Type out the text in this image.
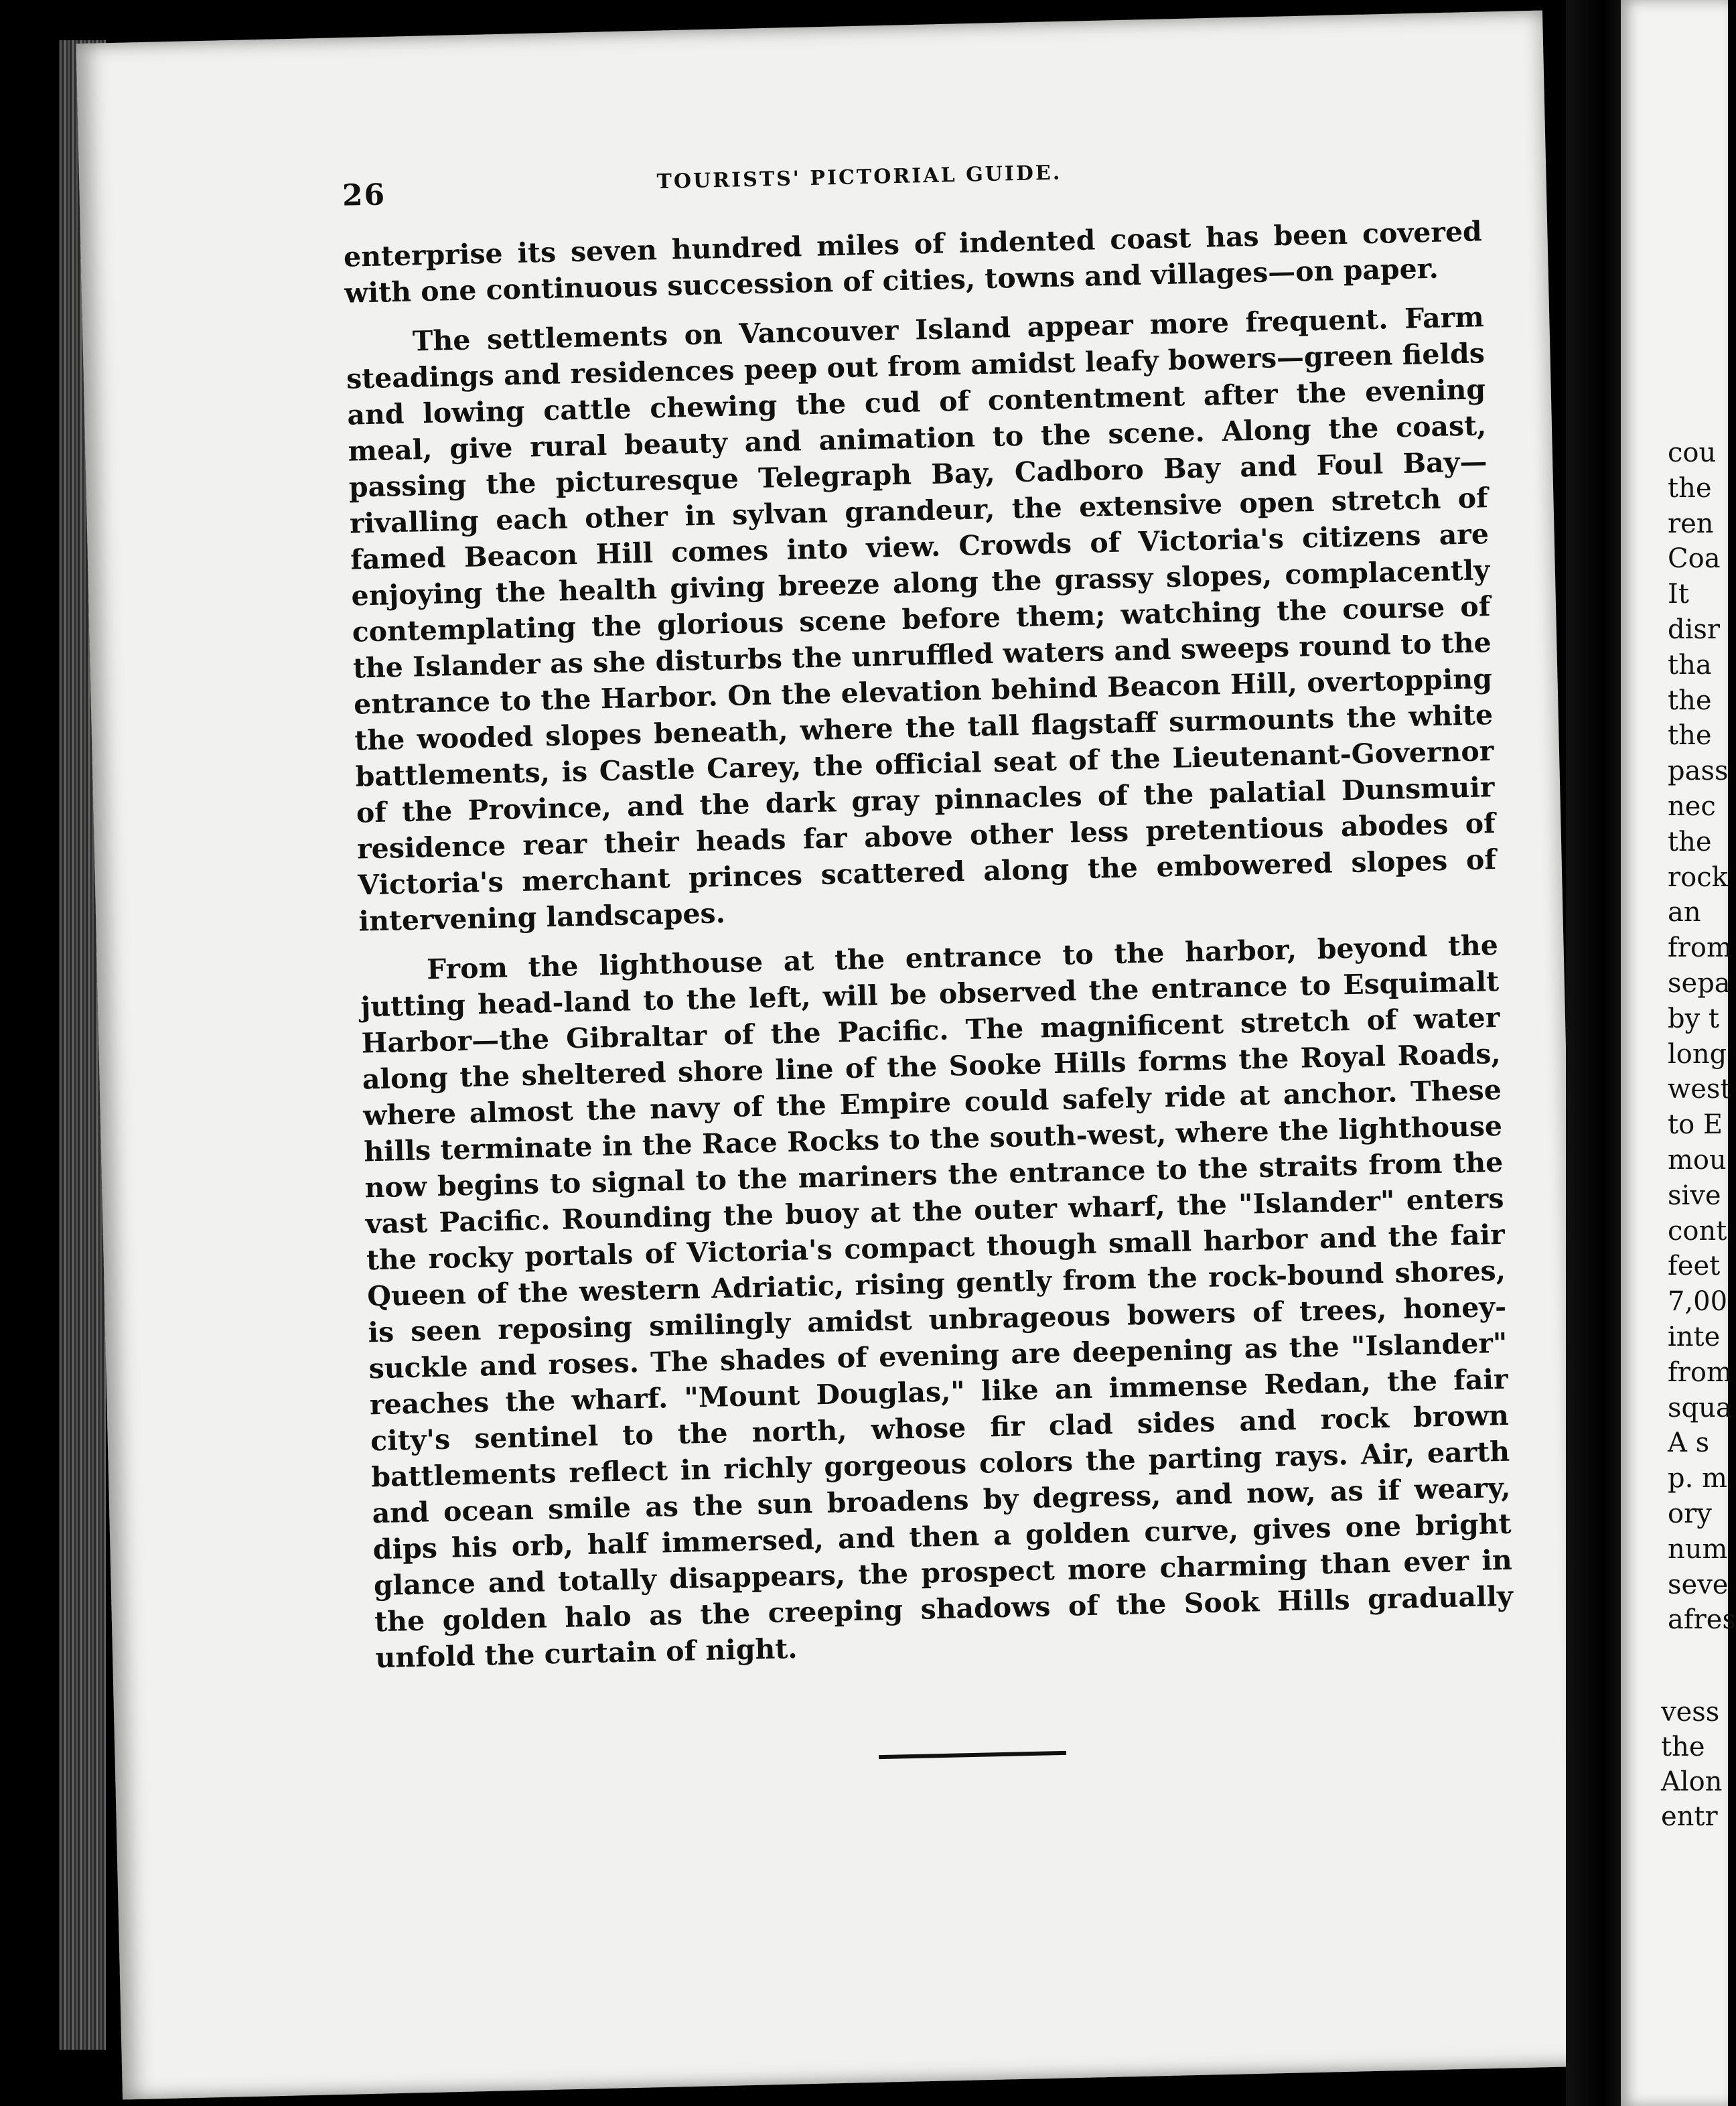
26
TOURISTS' PICTORIAL GUIDE.

enterprise its seven hundred miles of indented coast has been covered with one continuous succession of cities, towns and villages—on paper.

The settlements on Vancouver Island appear more frequent. Farm steadings and residences peep out from amidst leafy bowers—green fields and lowing cattle chewing the cud of contentment after the evening meal, give rural beauty and animation to the scene. Along the coast, passing the picturesque Telegraph Bay, Cadboro Bay and Foul Bay—rivalling each other in sylvan grandeur, the extensive open stretch of famed Beacon Hill comes into view. Crowds of Victoria's citizens are enjoying the health giving breeze along the grassy slopes, complacently contemplating the glorious scene before them; watching the course of the Islander as she disturbs the unruffled waters and sweeps round to the entrance to the Harbor. On the elevation behind Beacon Hill, overtopping the wooded slopes beneath, where the tall flagstaff surmounts the white battlements, is Castle Carey, the official seat of the Lieutenant-Governor of the Province, and the dark gray pinnacles of the palatial Dunsmuir residence rear their heads far above other less pretentious abodes of Victoria's merchant princes scattered along the embowered slopes of intervening landscapes.

From the lighthouse at the entrance to the harbor, beyond the jutting head-land to the left, will be observed the entrance to Esquimalt Harbor—the Gibraltar of the Pacific. The magnificent stretch of water along the sheltered shore line of the Sooke Hills forms the Royal Roads, where almost the navy of the Empire could safely ride at anchor. These hills terminate in the Race Rocks to the south-west, where the lighthouse now begins to signal to the mariners the entrance to the straits from the vast Pacific. Rounding the buoy at the outer wharf, the "Islander" enters the rocky portals of Victoria's compact though small harbor and the fair Queen of the western Adriatic, rising gently from the rock-bound shores, is seen reposing smilingly amidst unbrageous bowers of trees, honey-suckle and roses. The shades of evening are deepening as the "Islander" reaches the wharf. "Mount Douglas," like an immense Redan, the fair city's sentinel to the north, whose fir clad sides and rock brown battlements reflect in richly gorgeous colors the parting rays. Air, earth and ocean smile as the sun broadens by degress, and now, as if weary, dips his orb, half immersed, and then a golden curve, gives one bright glance and totally disappears, the prospect more charming than ever in the golden halo as the creeping shadows of the Sook Hills gradually unfold the curtain of night.

cou
the
ren
Coa
It
disr
tha
the
the
pass
nec
the
rock
an
from
sepa
by t
long
west
to E
mou
sive
cont
feet
7,00
inte
from
squa
A s
p. m
ory
num
seve
afres
vess
the
Alon
entr
